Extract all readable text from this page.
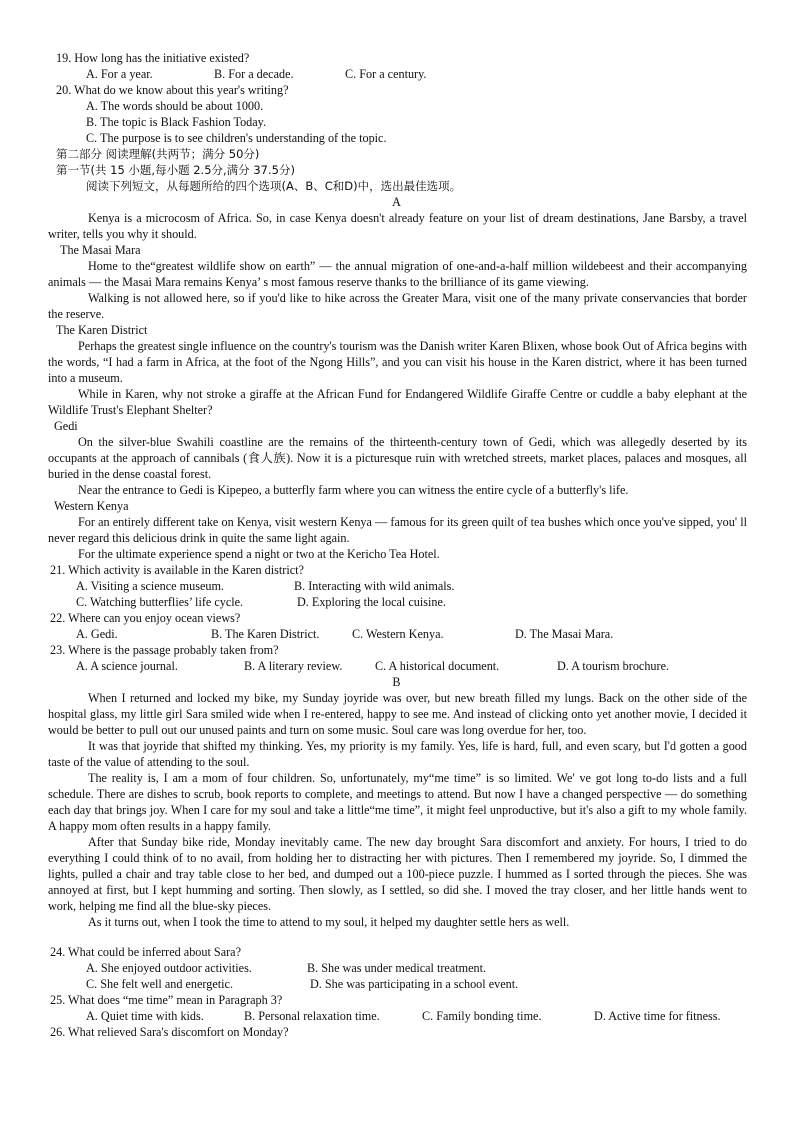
19. How long has the initiative existed?
A. For a year.	B. For a decade.	C. For a century.
20. What do we know about this year's writing?
A. The words should be about 1000.
B. The topic is Black Fashion Today.
C. The purpose is to see children's understanding of the topic.
第二部分 阅读理解(共两节；满分 50分)
第一节(共 15 小题,每小题 2.5分,满分 37.5分)
阅读下列短文，从每题所给的四个选项(A、B、C和D)中，选出最佳选项。
A
Kenya is a microcosm of Africa. So, in case Kenya doesn't already feature on your list of dream destinations, Jane Barsby, a travel writer, tells you why it should.
The Masai Mara
Home to the“greatest wildlife show on earth” — the annual migration of one-and-a-half million wildebeest and their accompanying animals — the Masai Mara remains Kenya’ s most famous reserve thanks to the brilliance of its game viewing.
Walking is not allowed here, so if you'd like to hike across the Greater Mara, visit one of the many private conservancies that border the reserve.
The Karen District
Perhaps the greatest single influence on the country's tourism was the Danish writer Karen Blixen, whose book Out of Africa begins with the words, “I had a farm in Africa, at the foot of the Ngong Hills”, and you can visit his house in the Karen district, where it has been turned into a museum.
While in Karen, why not stroke a giraffe at the African Fund for Endangered Wildlife Giraffe Centre or cuddle a baby elephant at the Wildlife Trust's Elephant Shelter?
Gedi
On the silver-blue Swahili coastline are the remains of the thirteenth-century town of Gedi, which was allegedly deserted by its occupants at the approach of cannibals (食人族). Now it is a picturesque ruin with wretched streets, market places, palaces and mosques, all buried in the dense coastal forest.
Near the entrance to Gedi is Kipepeo, a butterfly farm where you can witness the entire cycle of a butterfly's life.
Western Kenya
For an entirely different take on Kenya, visit western Kenya — famous for its green quilt of tea bushes which once you've sipped, you' ll never regard this delicious drink in quite the same light again.
For the ultimate experience spend a night or two at the Kericho Tea Hotel.
21. Which activity is available in the Karen district?
A. Visiting a science museum.	B. Interacting with wild animals.
C. Watching butterflies’ life cycle.	D. Exploring the local cuisine.
22. Where can you enjoy ocean views?
A. Gedi.	B. The Karen District.	C. Western Kenya.	D. The Masai Mara.
23. Where is the passage probably taken from?
A. A science journal.	B. A literary review.	C. A historical document.	D. A tourism brochure.
B
When I returned and locked my bike, my Sunday joyride was over, but new breath filled my lungs. Back on the other side of the hospital glass, my little girl Sara smiled wide when I re-entered, happy to see me. And instead of clicking onto yet another movie, I decided it would be better to pull out our unused paints and turn on some music. Soul care was long overdue for her, too.
It was that joyride that shifted my thinking. Yes, my priority is my family. Yes, life is hard, full, and even scary, but I'd gotten a good taste of the value of attending to the soul.
The reality is, I am a mom of four children. So, unfortunately, my“me time” is so limited. We' ve got long to-do lists and a full schedule. There are dishes to scrub, book reports to complete, and meetings to attend. But now I have a changed perspective — do something each day that brings joy. When I care for my soul and take a little“me time”, it might feel unproductive, but it's also a gift to my whole family. A happy mom often results in a happy family.
After that Sunday bike ride, Monday inevitably came. The new day brought Sara discomfort and anxiety. For hours, I tried to do everything I could think of to no avail, from holding her to distracting her with pictures. Then I remembered my joyride. So, I dimmed the lights, pulled a chair and tray table close to her bed, and dumped out a 100-piece puzzle. I hummed as I sorted through the pieces. She was annoyed at first, but I kept humming and sorting. Then slowly, as I settled, so did she. I moved the tray closer, and her little hands went to work, helping me find all the blue-sky pieces.
As it turns out, when I took the time to attend to my soul, it helped my daughter settle hers as well.
24. What could be inferred about Sara?
A. She enjoyed outdoor activities.	B. She was under medical treatment.
C. She felt well and energetic.	D. She was participating in a school event.
25. What does “me time” mean in Paragraph 3?
A. Quiet time with kids.	B. Personal relaxation time.	C. Family bonding time.	D. Active time for fitness.
26. What relieved Sara's discomfort on Monday?
